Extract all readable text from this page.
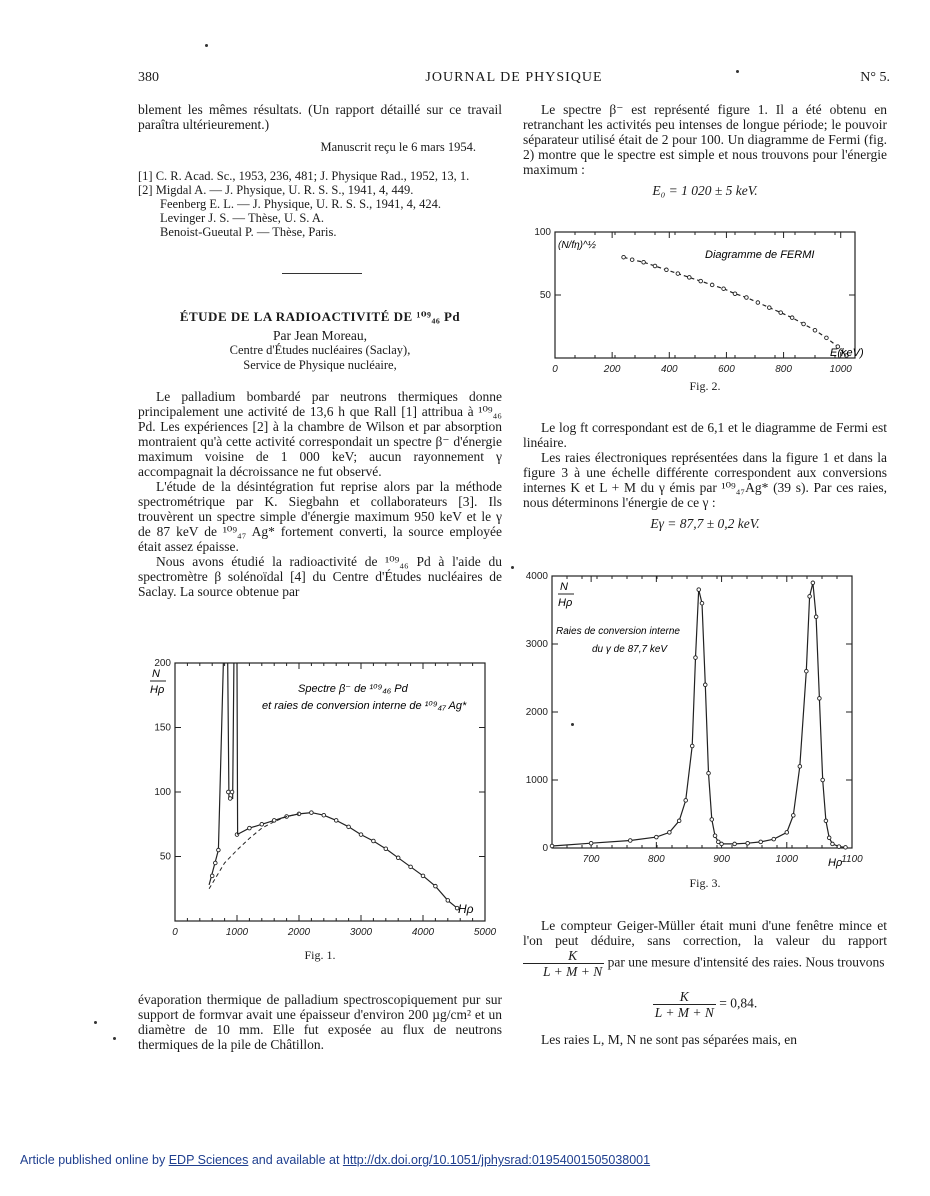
380	JOURNAL DE PHYSIQUE	N° 5.

blement les mêmes résultats. (Un rapport détaillé sur ce travail paraîtra ultérieurement.)

Manuscrit reçu le 6 mars 1954.

[1] C. R. Acad. Sc., 1953, 236, 481; J. Physique Rad., 1952, 13, 1.
[2] Migdal A. — J. Physique, U. R. S. S., 1941, 4, 449.
Feenberg E. L. — J. Physique, U. R. S. S., 1941, 4, 424.
Levinger J. S. — Thèse, U. S. A.
Benoist-Gueutal P. — Thèse, Paris.

ÉTUDE DE LA RADIOACTIVITÉ DE ¹⁰⁹₄₆ Pd

Par Jean Moreau,

Centre d'Études nucléaires (Saclay),

Service de Physique nucléaire,

Le palladium bombardé par neutrons thermiques donne principalement une activité de 13,6 h que Rall [1] attribua à ¹⁰⁹₄₆ Pd. Les expériences [2] à la chambre de Wilson et par absorption montraient qu'à cette activité correspondait un spectre β⁻ d'énergie maximum voisine de 1 000 keV; aucun rayonnement γ accompagnait la décroissance ne fut observé.

L'étude de la désintégration fut reprise alors par la méthode spectrométrique par K. Siegbahn et collaborateurs [3]. Ils trouvèrent un spectre simple d'énergie maximum 950 keV et le γ de 87 keV de ¹⁰⁹₄₇ Ag* fortement converti, la source employée était assez épaisse.

Nous avons étudié la radioactivité de ¹⁰⁹₄₆ Pd à l'aide du spectromètre β solénoïdal [4] du Centre d'Études nucléaires de Saclay. La source obtenue par

0	1000	2000	3000	4000	5000
50
100
150
200
N
Hρ
Hρ
Spectre β⁻ de ¹⁰⁹₄₆ Pd
et raies de conversion interne de ¹⁰⁹₄₇ Ag*
Fig. 1.

évaporation thermique de palladium spectroscopiquement pur sur support de formvar avait une épaisseur d'environ 200 µg/cm² et un diamètre de 10 mm. Elle fut exposée au flux de neutrons thermiques de la pile de Châtillon.

Le spectre β⁻ est représenté figure 1. Il a été obtenu en retranchant les activités peu intenses de longue période; le pouvoir séparateur utilisé était de 2 pour 100. Un diagramme de Fermi (fig. 2) montre que le spectre est simple et nous trouvons pour l'énergie maximum :

E₀ = 1 020 ± 5 keV.

0	200	400	600	800	1000
50
100
(N/fη)^½
Diagramme de FERMI
E(keV)
Fig. 2.

Le log ft correspondant est de 6,1 et le diagramme de Fermi est linéaire.

Les raies électroniques représentées dans la figure 1 et dans la figure 3 à une échelle différente correspondent aux conversions internes K et L + M du γ émis par ¹⁰⁹₄₇Ag* (39 s). Par ces raies, nous déterminons l'énergie de ce γ :

Eγ = 87,7 ± 0,2 keV.

700	800	900	1000	1100
0
1000
2000
3000
4000
N
Hρ
Raies de conversion interne
du γ de 87,7 keV
Hρ
Fig. 3.

Le compteur Geiger-Müller était muni d'une fenêtre mince et l'on peut déduire, sans correction, la valeur du rapport
$\frac{K}{L + M + N}$ par une mesure d'intensité des raies. Nous trouvons

$\frac{K}{L + M + N} = 0,84$.

Les raies L, M, N ne sont pas séparées mais, en

Article published online by EDP Sciences and available at http://dx.doi.org/10.1051/jphysrad:01954001505038001
